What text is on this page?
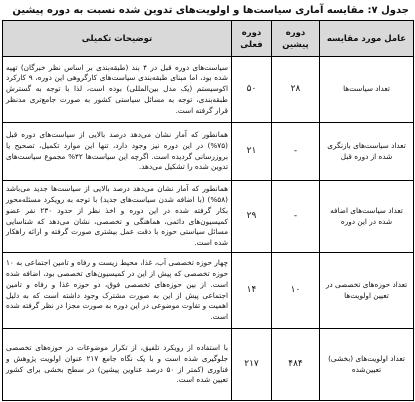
جدول ۷: مقایسه آماری سیاست‌ها و اولویت‌های تدوین شده نسبت به دوره پیشین
عامل مورد مقایسه	دوره پیشین	دوره فعلی	توضیحات تکمیلی
تعداد سیاست‌ها	۲۸	۵۰	سیاست‌های دوره قبل در ۴ بند (طبقه‌بندی بر اساس نظر خبرگان) تهیه شده بود، اما مبنای طبقه‌بندی سیاست‌های کارگروهی این دوره، ۹ کارکرد اکوسیستم (یک مدل بین‌المللی) بوده است، لذا با توجه به گسترش طبقه‌بندی، توجه به مسائل سیاستی کشور به صورت جامع‌تری مدنظر قرار گرفته است.
تعداد سیاست‌های بازنگری شده از دوره قبل	-	۲۱	همانطور که آمار نشان می‌دهد درصد بالایی از سیاست‌های دوره قبل (۷۵%) در این دوره نیز وجود دارد، تنها این موارد تکمیل، تصحیح یا بروزرسانی گردیده است. اگرچه این سیاست‌ها ۴۲% مجموع سیاست‌های تدوین شده را تشکیل می‌دهد.
تعداد سیاست‌های اضافه شده در این دوره	-	۲۹	همانطور که آمار نشان می‌دهد درصد بالایی از سیاست‌ها جدید می‌باشد (۵۸%) (با اضافه شدن سیاست‌های جدید) با توجه به رویکرد مسئله‌محور بکار گرفته شده در این دوره و اخذ نظر از حدود ۲۳۰ نفر عضو کمیسیون‌های دائمی، هماهنگی و تخصصی، نشان می‌دهد که شناسایی مسائل سیاستی حوزه با دقت عمل بیشتری صورت گرفته و ارائه راهکار شده است.
تعداد حوزه‌های تخصصی در تعیین اولویت‌ها	۱۰	۱۴	چهار حوزه تخصصی آب، غذا، محیط زیست و رفاه و تامین اجتماعی به ۱۰ حوزه تخصصی که پیش از این در کمیسیون‌های تخصصی بود، اضافه شده است. از بین حوزه‌های تخصصی فوق، دو حوزه غذا و رفاه و تامین اجتماعی پیش از این به صورت مشترک وجود داشته است که به دلیل اهمیت و تفاوت موضوعی در این دوره به صورت مجزا در نظر گرفته شده است.
تعداد اولویت‌های (بخشی) تعیین‌شده	۴۸۴	۲۱۷	با استفاده از رویکرد تلفیق، از تکرار موضوعات در حوزه‌های تخصصی جلوگیری شده است و با یک نگاه جامع ۲۱۷ عنوان اولویت پژوهش و فناوری (کمتر از ۵۰ درصد عناوین پیشین) در سطح بخشی برای کشور تعیین شده است.
